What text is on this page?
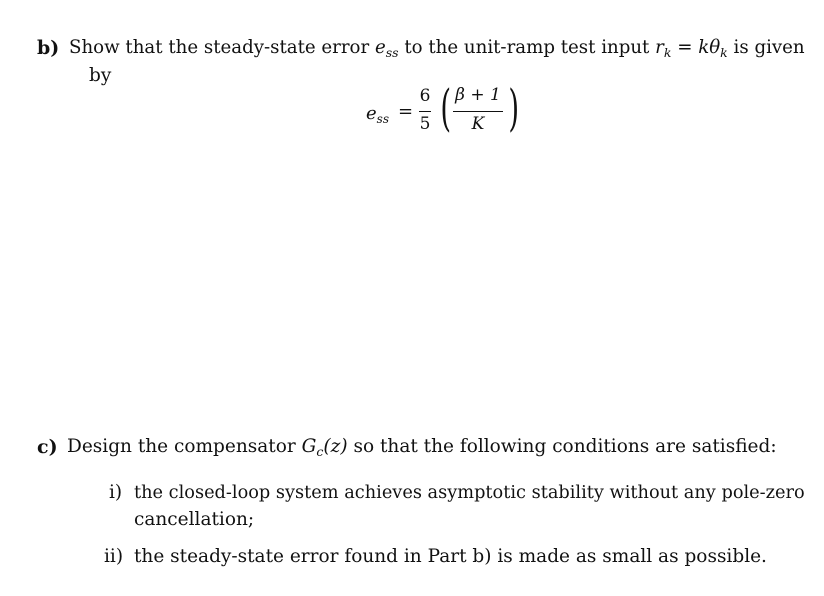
b) Show that the steady-state error $e_{ss}$ to the unit-ramp test input $r_k = k\theta_k$ is given
by
$e_{ss}$ =
6
5 ( β + 1
K )
c) Design the compensator $G_c(z)$ so that the following conditions are satisfied:
i) the closed-loop system achieves asymptotic stability without any pole-zero
cancellation;
ii) the steady-state error found in Part b) is made as small as possible.
